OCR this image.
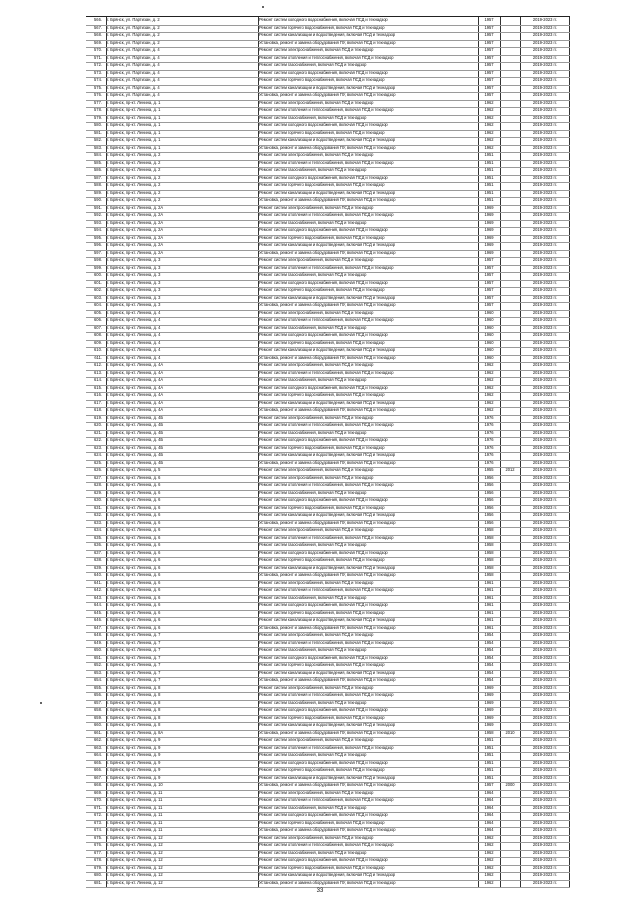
566.	г. Брянск, ул. Партизан, д. 2	Ремонт систем холодного водоснабжения, включая ПСД и технадзор	1957	2019-2023 гг.
567.	г. Брянск, ул. Партизан, д. 2	Ремонт систем горячего водоснабжения, включая ПСД и технадзор	1957	2019-2023 гг.
568.	г. Брянск, ул. Партизан, д. 2	Ремонт систем канализации и водоотведения, включая ПСД и технадзор	1957	2019-2023 гг.
569.	г. Брянск, ул. Партизан, д. 2	Установка, ремонт и замена оборудования ПУ, включая ПСД и технадзор	1957	2019-2023 гг.
570.	г. Брянск, ул. Партизан, д. 4	Ремонт систем электроснабжения, включая ПСД и технадзор	1957	2019-2023 гг.
571.	г. Брянск, ул. Партизан, д. 4	Ремонт систем отопления и теплоснабжения, включая ПСД и технадзор	1957	2019-2023 гг.
572.	г. Брянск, ул. Партизан, д. 4	Ремонт систем газоснабжения, включая ПСД и технадзор	1957	2019-2023 гг.
573.	г. Брянск, ул. Партизан, д. 4	Ремонт систем холодного водоснабжения, включая ПСД и технадзор	1957	2019-2023 гг.
574.	г. Брянск, ул. Партизан, д. 4	Ремонт систем горячего водоснабжения, включая ПСД и технадзор	1957	2019-2023 гг.
575.	г. Брянск, ул. Партизан, д. 4	Ремонт систем канализации и водоотведения, включая ПСД и технадзор	1957	2019-2023 гг.
576.	г. Брянск, ул. Партизан, д. 4	Установка, ремонт и замена оборудования ПУ, включая ПСД и технадзор	1957	2019-2023 гг.
577.	г. Брянск, пр-кт. Ленина, д. 1	Ремонт систем электроснабжения, включая ПСД и технадзор	1962	2019-2023 гг.
578.	г. Брянск, пр-кт. Ленина, д. 1	Ремонт систем отопления и теплоснабжения, включая ПСД и технадзор	1962	2019-2023 гг.
579.	г. Брянск, пр-кт. Ленина, д. 1	Ремонт систем газоснабжения, включая ПСД и технадзор	1962	2019-2023 гг.
580.	г. Брянск, пр-кт. Ленина, д. 1	Ремонт систем холодного водоснабжения, включая ПСД и технадзор	1962	2019-2023 гг.
581.	г. Брянск, пр-кт. Ленина, д. 1	Ремонт систем горячего водоснабжения, включая ПСД и технадзор	1962	2019-2023 гг.
582.	г. Брянск, пр-кт. Ленина, д. 1	Ремонт систем канализации и водоотведения, включая ПСД и технадзор	1962	2019-2023 гг.
583.	г. Брянск, пр-кт. Ленина, д. 1	Установка, ремонт и замена оборудования ПУ, включая ПСД и технадзор	1962	2019-2023 гг.
584.	г. Брянск, пр-кт. Ленина, д. 2	Ремонт систем электроснабжения, включая ПСД и технадзор	1951	2019-2023 гг.
585.	г. Брянск, пр-кт. Ленина, д. 2	Ремонт систем отопления и теплоснабжения, включая ПСД и технадзор	1951	2019-2023 гг.
586.	г. Брянск, пр-кт. Ленина, д. 2	Ремонт систем газоснабжения, включая ПСД и технадзор	1951	2019-2023 гг.
587.	г. Брянск, пр-кт. Ленина, д. 2	Ремонт систем холодного водоснабжения, включая ПСД и технадзор	1951	2019-2023 гг.
588.	г. Брянск, пр-кт. Ленина, д. 2	Ремонт систем горячего водоснабжения, включая ПСД и технадзор	1951	2019-2023 гг.
589.	г. Брянск, пр-кт. Ленина, д. 2	Ремонт систем канализации и водоотведения, включая ПСД и технадзор	1951	2019-2023 гг.
590.	г. Брянск, пр-кт. Ленина, д. 2	Установка, ремонт и замена оборудования ПУ, включая ПСД и технадзор	1951	2019-2023 гг.
591.	г. Брянск, пр-кт. Ленина, д. 2А	Ремонт систем электроснабжения, включая ПСД и технадзор	1969	2019-2023 гг.
592.	г. Брянск, пр-кт. Ленина, д. 2А	Ремонт систем отопления и теплоснабжения, включая ПСД и технадзор	1969	2019-2023 гг.
593.	г. Брянск, пр-кт. Ленина, д. 2А	Ремонт систем газоснабжения, включая ПСД и технадзор	1969	2019-2023 гг.
594.	г. Брянск, пр-кт. Ленина, д. 2А	Ремонт систем холодного водоснабжения, включая ПСД и технадзор	1969	2019-2023 гг.
595.	г. Брянск, пр-кт. Ленина, д. 2А	Ремонт систем горячего водоснабжения, включая ПСД и технадзор	1969	2019-2023 гг.
596.	г. Брянск, пр-кт. Ленина, д. 2А	Ремонт систем канализации и водоотведения, включая ПСД и технадзор	1969	2019-2023 гг.
597.	г. Брянск, пр-кт. Ленина, д. 2А	Установка, ремонт и замена оборудования ПУ, включая ПСД и технадзор	1969	2019-2023 гг.
598.	г. Брянск, пр-кт. Ленина, д. 3	Ремонт систем электроснабжения, включая ПСД и технадзор	1957	2019-2023 гг.
599.	г. Брянск, пр-кт. Ленина, д. 3	Ремонт систем отопления и теплоснабжения, включая ПСД и технадзор	1957	2019-2023 гг.
600.	г. Брянск, пр-кт. Ленина, д. 3	Ремонт систем газоснабжения, включая ПСД и технадзор	1957	2019-2023 гг.
601.	г. Брянск, пр-кт. Ленина, д. 3	Ремонт систем холодного водоснабжения, включая ПСД и технадзор	1957	2019-2023 гг.
602.	г. Брянск, пр-кт. Ленина, д. 3	Ремонт систем горячего водоснабжения, включая ПСД и технадзор	1957	2019-2023 гг.
603.	г. Брянск, пр-кт. Ленина, д. 3	Ремонт систем канализации и водоотведения, включая ПСД и технадзор	1957	2019-2023 гг.
604.	г. Брянск, пр-кт. Ленина, д. 3	Установка, ремонт и замена оборудования ПУ, включая ПСД и технадзор	1957	2019-2023 гг.
605.	г. Брянск, пр-кт. Ленина, д. 4	Ремонт систем электроснабжения, включая ПСД и технадзор	1960	2019-2023 гг.
606.	г. Брянск, пр-кт. Ленина, д. 4	Ремонт систем отопления и теплоснабжения, включая ПСД и технадзор	1960	2019-2023 гг.
607.	г. Брянск, пр-кт. Ленина, д. 4	Ремонт систем газоснабжения, включая ПСД и технадзор	1960	2019-2023 гг.
608.	г. Брянск, пр-кт. Ленина, д. 4	Ремонт систем холодного водоснабжения, включая ПСД и технадзор	1960	2019-2023 гг.
609.	г. Брянск, пр-кт. Ленина, д. 4	Ремонт систем горячего водоснабжения, включая ПСД и технадзор	1960	2019-2023 гг.
610.	г. Брянск, пр-кт. Ленина, д. 4	Ремонт систем канализации и водоотведения, включая ПСД и технадзор	1960	2019-2023 гг.
611.	г. Брянск, пр-кт. Ленина, д. 4	Установка, ремонт и замена оборудования ПУ, включая ПСД и технадзор	1960	2019-2023 гг.
612.	г. Брянск, пр-кт. Ленина, д. 4А	Ремонт систем электроснабжения, включая ПСД и технадзор	1962	2019-2023 гг.
613.	г. Брянск, пр-кт. Ленина, д. 4А	Ремонт систем отопления и теплоснабжения, включая ПСД и технадзор	1962	2019-2023 гг.
614.	г. Брянск, пр-кт. Ленина, д. 4А	Ремонт систем газоснабжения, включая ПСД и технадзор	1962	2019-2023 гг.
615.	г. Брянск, пр-кт. Ленина, д. 4А	Ремонт систем холодного водоснабжения, включая ПСД и технадзор	1962	2019-2023 гг.
616.	г. Брянск, пр-кт. Ленина, д. 4А	Ремонт систем горячего водоснабжения, включая ПСД и технадзор	1962	2019-2023 гг.
617.	г. Брянск, пр-кт. Ленина, д. 4А	Ремонт систем канализации и водоотведения, включая ПСД и технадзор	1962	2019-2023 гг.
618.	г. Брянск, пр-кт. Ленина, д. 4А	Установка, ремонт и замена оборудования ПУ, включая ПСД и технадзор	1962	2019-2023 гг.
619.	г. Брянск, пр-кт. Ленина, д. 4Б	Ремонт систем электроснабжения, включая ПСД и технадзор	1976	2019-2023 гг.
620.	г. Брянск, пр-кт. Ленина, д. 4Б	Ремонт систем отопления и теплоснабжения, включая ПСД и технадзор	1976	2019-2023 гг.
621.	г. Брянск, пр-кт. Ленина, д. 4Б	Ремонт систем газоснабжения, включая ПСД и технадзор	1976	2019-2023 гг.
622.	г. Брянск, пр-кт. Ленина, д. 4Б	Ремонт систем холодного водоснабжения, включая ПСД и технадзор	1976	2019-2023 гг.
623.	г. Брянск, пр-кт. Ленина, д. 4Б	Ремонт систем горячего водоснабжения, включая ПСД и технадзор	1976	2019-2023 гг.
624.	г. Брянск, пр-кт. Ленина, д. 4Б	Ремонт систем канализации и водоотведения, включая ПСД и технадзор	1976	2019-2023 гг.
625.	г. Брянск, пр-кт. Ленина, д. 4Б	Установка, ремонт и замена оборудования ПУ, включая ПСД и технадзор	1976	2019-2023 гг.
626.	г. Брянск, пр-кт. Ленина, д. 5	Ремонт систем электроснабжения, включая ПСД и технадзор	1955	2012	2019-2023 гг.
627.	г. Брянск, пр-кт. Ленина, д. 6	Ремонт систем электроснабжения, включая ПСД и технадзор	1956	2019-2023 гг.
628.	г. Брянск, пр-кт. Ленина, д. 6	Ремонт систем отопления и теплоснабжения, включая ПСД и технадзор	1956	2019-2023 гг.
629.	г. Брянск, пр-кт. Ленина, д. 6	Ремонт систем газоснабжения, включая ПСД и технадзор	1956	2019-2023 гг.
630.	г. Брянск, пр-кт. Ленина, д. 6	Ремонт систем холодного водоснабжения, включая ПСД и технадзор	1956	2019-2023 гг.
631.	г. Брянск, пр-кт. Ленина, д. 6	Ремонт систем горячего водоснабжения, включая ПСД и технадзор	1956	2019-2023 гг.
632.	г. Брянск, пр-кт. Ленина, д. 6	Ремонт систем канализации и водоотведения, включая ПСД и технадзор	1956	2019-2023 гг.
633.	г. Брянск, пр-кт. Ленина, д. 6	Установка, ремонт и замена оборудования ПУ, включая ПСД и технадзор	1956	2019-2023 гг.
634.	г. Брянск, пр-кт. Ленина, д. 6	Ремонт систем электроснабжения, включая ПСД и технадзор	1958	2019-2023 гг.
635.	г. Брянск, пр-кт. Ленина, д. 6	Ремонт систем отопления и теплоснабжения, включая ПСД и технадзор	1958	2019-2023 гг.
636.	г. Брянск, пр-кт. Ленина, д. 6	Ремонт систем газоснабжения, включая ПСД и технадзор	1958	2019-2023 гг.
637.	г. Брянск, пр-кт. Ленина, д. 6	Ремонт систем холодного водоснабжения, включая ПСД и технадзор	1958	2019-2023 гг.
638.	г. Брянск, пр-кт. Ленина, д. 6	Ремонт систем горячего водоснабжения, включая ПСД и технадзор	1958	2019-2023 гг.
639.	г. Брянск, пр-кт. Ленина, д. 6	Ремонт систем канализации и водоотведения, включая ПСД и технадзор	1958	2019-2023 гг.
640.	г. Брянск, пр-кт. Ленина, д. 6	Установка, ремонт и замена оборудования ПУ, включая ПСД и технадзор	1958	2019-2023 гг.
641.	г. Брянск, пр-кт. Ленина, д. 6	Ремонт систем электроснабжения, включая ПСД и технадзор	1961	2019-2023 гг.
642.	г. Брянск, пр-кт. Ленина, д. 6	Ремонт систем отопления и теплоснабжения, включая ПСД и технадзор	1961	2019-2023 гг.
643.	г. Брянск, пр-кт. Ленина, д. 6	Ремонт систем газоснабжения, включая ПСД и технадзор	1961	2019-2023 гг.
644.	г. Брянск, пр-кт. Ленина, д. 6	Ремонт систем холодного водоснабжения, включая ПСД и технадзор	1961	2019-2023 гг.
645.	г. Брянск, пр-кт. Ленина, д. 6	Ремонт систем горячего водоснабжения, включая ПСД и технадзор	1961	2019-2023 гг.
646.	г. Брянск, пр-кт. Ленина, д. 6	Ремонт систем канализации и водоотведения, включая ПСД и технадзор	1961	2019-2023 гг.
647.	г. Брянск, пр-кт. Ленина, д. 6	Установка, ремонт и замена оборудования ПУ, включая ПСД и технадзор	1961	2019-2023 гг.
648.	г. Брянск, пр-кт. Ленина, д. 7	Ремонт систем электроснабжения, включая ПСД и технадзор	1954	2019-2023 гг.
649.	г. Брянск, пр-кт. Ленина, д. 7	Ремонт систем отопления и теплоснабжения, включая ПСД и технадзор	1954	2019-2023 гг.
650.	г. Брянск, пр-кт. Ленина, д. 7	Ремонт систем газоснабжения, включая ПСД и технадзор	1954	2019-2023 гг.
651.	г. Брянск, пр-кт. Ленина, д. 7	Ремонт систем холодного водоснабжения, включая ПСД и технадзор	1954	2019-2023 гг.
652.	г. Брянск, пр-кт. Ленина, д. 7	Ремонт систем горячего водоснабжения, включая ПСД и технадзор	1954	2019-2023 гг.
653.	г. Брянск, пр-кт. Ленина, д. 7	Ремонт систем канализации и водоотведения, включая ПСД и технадзор	1954	2019-2023 гг.
654.	г. Брянск, пр-кт. Ленина, д. 7	Установка, ремонт и замена оборудования ПУ, включая ПСД и технадзор	1954	2019-2023 гг.
655.	г. Брянск, пр-кт. Ленина, д. 8	Ремонт систем электроснабжения, включая ПСД и технадзор	1969	2019-2023 гг.
656.	г. Брянск, пр-кт. Ленина, д. 8	Ремонт систем отопления и теплоснабжения, включая ПСД и технадзор	1969	2019-2023 гг.
657.	г. Брянск, пр-кт. Ленина, д. 8	Ремонт систем газоснабжения, включая ПСД и технадзор	1969	2019-2023 гг.
658.	г. Брянск, пр-кт. Ленина, д. 8	Ремонт систем холодного водоснабжения, включая ПСД и технадзор	1969	2019-2023 гг.
659.	г. Брянск, пр-кт. Ленина, д. 8	Ремонт систем горячего водоснабжения, включая ПСД и технадзор	1969	2019-2023 гг.
660.	г. Брянск, пр-кт. Ленина, д. 8	Ремонт систем канализации и водоотведения, включая ПСД и технадзор	1969	2019-2023 гг.
661.	г. Брянск, пр-кт. Ленина, д. 8А	Установка, ремонт и замена оборудования ПУ, включая ПСД и технадзор	1958	2010	2019-2023 гг.
662.	г. Брянск, пр-кт. Ленина, д. 9	Ремонт систем электроснабжения, включая ПСД и технадзор	1951	2019-2023 гг.
663.	г. Брянск, пр-кт. Ленина, д. 9	Ремонт систем отопления и теплоснабжения, включая ПСД и технадзор	1951	2019-2023 гг.
664.	г. Брянск, пр-кт. Ленина, д. 9	Ремонт систем газоснабжения, включая ПСД и технадзор	1951	2019-2023 гг.
665.	г. Брянск, пр-кт. Ленина, д. 9	Ремонт систем холодного водоснабжения, включая ПСД и технадзор	1951	2019-2023 гг.
666.	г. Брянск, пр-кт. Ленина, д. 9	Ремонт систем горячего водоснабжения, включая ПСД и технадзор	1951	2019-2023 гг.
667.	г. Брянск, пр-кт. Ленина, д. 9	Ремонт систем канализации и водоотведения, включая ПСД и технадзор	1951	2019-2023 гг.
668.	г. Брянск, пр-кт. Ленина, д. 10	Установка, ремонт и замена оборудования ПУ, включая ПСД и технадзор	1957	2000	2019-2023 гг.
669.	г. Брянск, пр-кт. Ленина, д. 11	Ремонт систем электроснабжения, включая ПСД и технадзор	1964	2019-2023 гг.
670.	г. Брянск, пр-кт. Ленина, д. 11	Ремонт систем отопления и теплоснабжения, включая ПСД и технадзор	1964	2019-2023 гг.
671.	г. Брянск, пр-кт. Ленина, д. 11	Ремонт систем газоснабжения, включая ПСД и технадзор	1964	2019-2023 гг.
672.	г. Брянск, пр-кт. Ленина, д. 11	Ремонт систем холодного водоснабжения, включая ПСД и технадзор	1964	2019-2023 гг.
673.	г. Брянск, пр-кт. Ленина, д. 11	Ремонт систем горячего водоснабжения, включая ПСД и технадзор	1964	2019-2023 гг.
674.	г. Брянск, пр-кт. Ленина, д. 11	Установка, ремонт и замена оборудования ПУ, включая ПСД и технадзор	1964	2019-2023 гг.
675.	г. Брянск, пр-кт. Ленина, д. 12	Ремонт систем электроснабжения, включая ПСД и технадзор	1962	2019-2023 гг.
676.	г. Брянск, пр-кт. Ленина, д. 12	Ремонт систем отопления и теплоснабжения, включая ПСД и технадзор	1962	2019-2023 гг.
677.	г. Брянск, пр-кт. Ленина, д. 12	Ремонт систем газоснабжения, включая ПСД и технадзор	1962	2019-2023 гг.
678.	г. Брянск, пр-кт. Ленина, д. 12	Ремонт систем холодного водоснабжения, включая ПСД и технадзор	1962	2019-2023 гг.
679.	г. Брянск, пр-кт. Ленина, д. 12	Ремонт систем горячего водоснабжения, включая ПСД и технадзор	1962	2019-2023 гг.
680.	г. Брянск, пр-кт. Ленина, д. 12	Ремонт систем канализации и водоотведения, включая ПСД и технадзор	1962	2019-2023 гг.
681.	г. Брянск, пр-кт. Ленина, д. 12	Установка, ремонт и замена оборудования ПУ, включая ПСД и технадзор	1962	2019-2023 гг.
33
